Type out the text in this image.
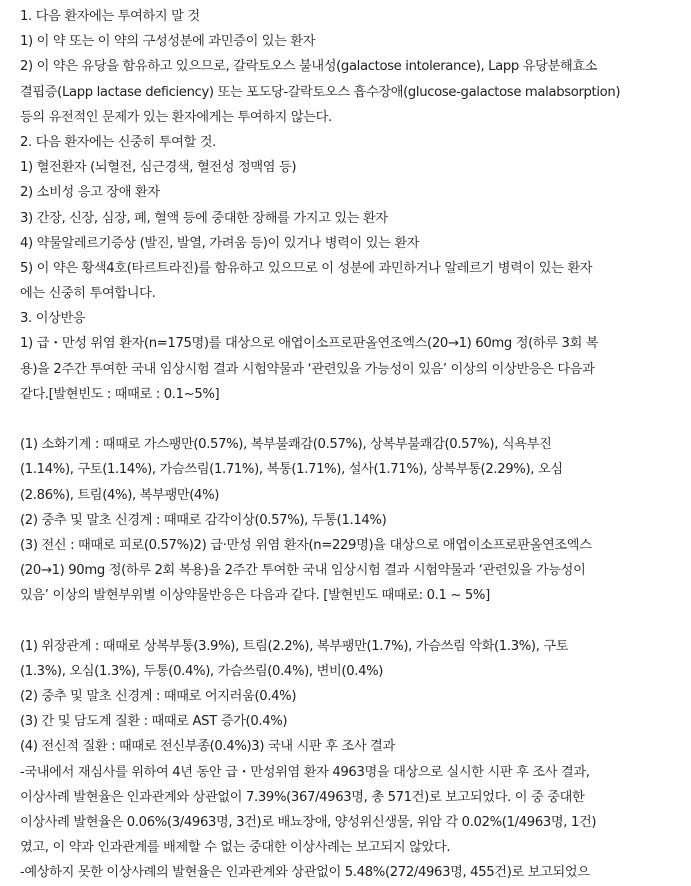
1. 다음 환자에는 투여하지 말 것
1) 이 약 또는 이 약의 구성성분에 과민증이 있는 환자
2) 이 약은 유당을 함유하고 있으므로, 갈락토오스 불내성(galactose intolerance), Lapp 유당분해효소
결핍증(Lapp lactase deficiency) 또는 포도당-갈락토오스 흡수장애(glucose-galactose malabsorption)
등의 유전적인 문제가 있는 환자에게는 투여하지 않는다.
2. 다음 환자에는 신중히 투여할 것.
1) 혈전환자 (뇌혈전, 심근경색, 혈전성 정맥염 등)
2) 소비성 응고 장애 환자
3) 간장, 신장, 심장, 폐, 혈액 등에 중대한 장해를 가지고 있는 환자
4) 약물알레르기증상 (발진, 발열, 가려움 등)이 있거나 병력이 있는 환자
5) 이 약은 황색4호(타르트라진)를 함유하고 있으므로 이 성분에 과민하거나 알레르기 병력이 있는 환자
에는 신중히 투여합니다.
3. 이상반응
1) 급・만성 위염 환자(n=175명)를 대상으로 애엽이소프로판올연조엑스(20→1) 60mg 정(하루 3회 복
용)을 2주간 투여한 국내 임상시험 결과 시험약물과 ‘관련있을 가능성이 있음’ 이상의 이상반응은 다음과
같다.[발현빈도 : 때때로 : 0.1~5%]
(1) 소화기계 : 때때로 가스팽만(0.57%), 복부불쾌감(0.57%), 상복부불쾌감(0.57%), 식욕부진
(1.14%), 구토(1.14%), 가슴쓰림(1.71%), 복통(1.71%), 설사(1.71%), 상복부통(2.29%), 오심
(2.86%), 트림(4%), 복부팽만(4%)
(2) 중추 및 말초 신경계 : 때때로 감각이상(0.57%), 두통(1.14%)
(3) 전신 : 때때로 피로(0.57%)2) 급·만성 위염 환자(n=229명)을 대상으로 애엽이소프로판올연조엑스
(20→1) 90mg 정(하루 2회 복용)을 2주간 투여한 국내 임상시험 결과 시험약물과 ‘관련있을 가능성이
있음’ 이상의 발현부위별 이상약물반응은 다음과 같다. [발현빈도 때때로: 0.1 ~ 5%]
(1) 위장관계 : 때때로 상복부통(3.9%), 트림(2.2%), 복부팽만(1.7%), 가슴쓰림 악화(1.3%), 구토
(1.3%), 오심(1.3%), 두통(0.4%), 가슴쓰림(0.4%), 변비(0.4%)
(2) 중추 및 말초 신경계 : 때때로 어지러움(0.4%)
(3) 간 및 담도계 질환 : 때때로 AST 증가(0.4%)
(4) 전신적 질환 : 때때로 전신부종(0.4%)3) 국내 시판 후 조사 결과
-국내에서 재심사를 위하여 4년 동안 급・만성위염 환자 4963명을 대상으로 실시한 시판 후 조사 결과,
이상사례 발현율은 인과관계와 상관없이 7.39%(367/4963명, 총 571건)로 보고되었다. 이 중 중대한
이상사례 발현율은 0.06%(3/4963명, 3건)로 배뇨장애, 양성위신생물, 위암 각 0.02%(1/4963명, 1건)
였고, 이 약과 인과관계를 배제할 수 없는 중대한 이상사례는 보고되지 않았다.
-예상하지 못한 이상사례의 발현율은 인과관계와 상관없이 5.48%(272/4963명, 455건)로 보고되었으
